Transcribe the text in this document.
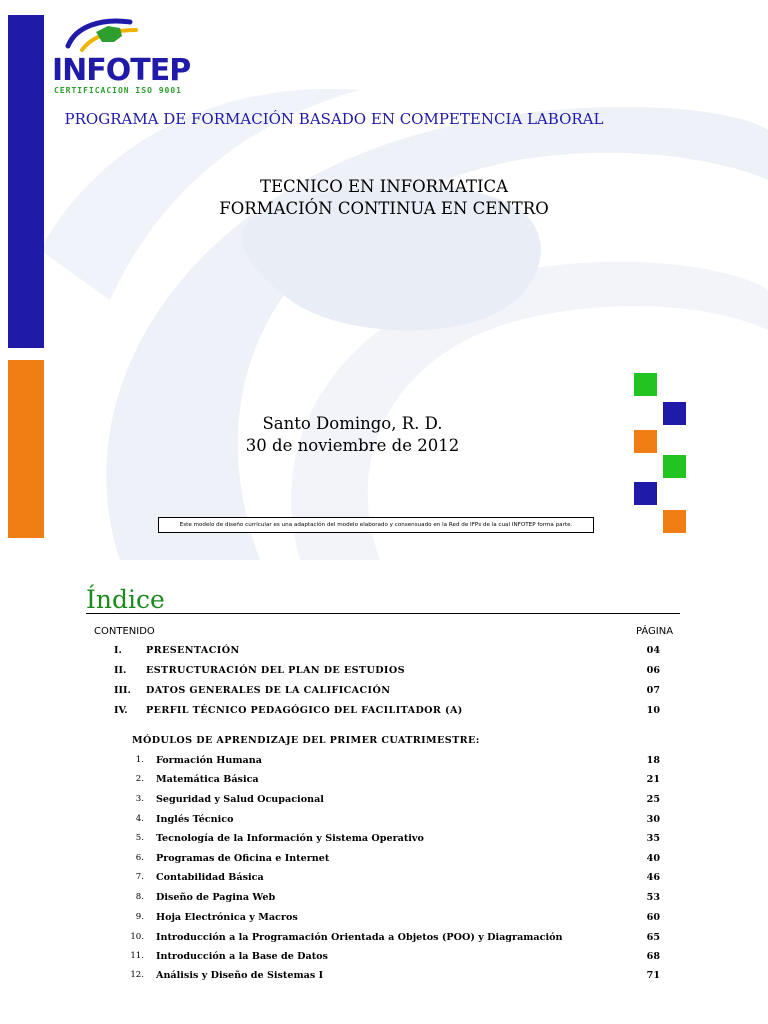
INFOTEP
CERTIFICACION ISO 9001
PROGRAMA DE FORMACIÓN BASADO EN COMPETENCIA LABORAL
TECNICO EN INFORMATICA
FORMACIÓN CONTINUA EN CENTRO
Santo Domingo, R. D.
30 de noviembre de 2012
Este modelo de diseño curricular es una adaptación del modelo elaborado y consensuado en la Red de IFPs de la cual INFOTEP forma parte.
Índice
CONTENIDO	PÁGINA
I.	PRESENTACIÓN	04
II. ESTRUCTURACIÓN DEL PLAN DE ESTUDIOS	06
III. DATOS GENERALES DE LA CALIFICACIÓN	07
IV. PERFIL TÉCNICO PEDAGÓGICO DEL FACILITADOR (A)	10
MÓDULOS DE APRENDIZAJE DEL PRIMER CUATRIMESTRE:
1. Formación Humana	18
2. Matemática Básica	21
3. Seguridad y Salud Ocupacional	25
4. Inglés Técnico	30
5. Tecnología de la Información y Sistema Operativo	35
6. Programas de Oficina e Internet	40
7. Contabilidad Básica	46
8. Diseño de Pagina Web	53
9. Hoja Electrónica y Macros	60
10. Introducción a la Programación Orientada a Objetos (POO) y Diagramación	65
11. Introducción a la Base de Datos	68
12. Análisis y Diseño de Sistemas I	71
